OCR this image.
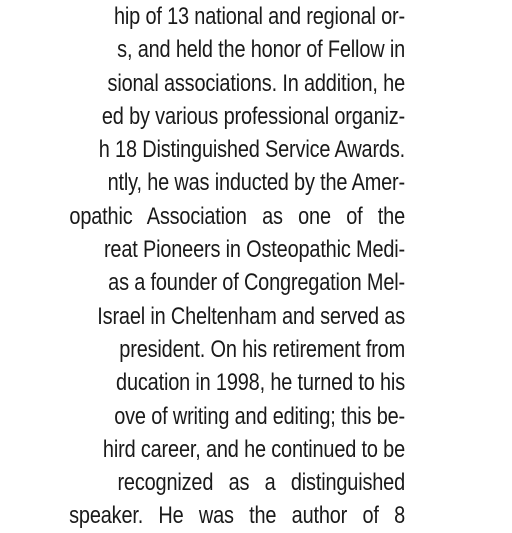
hip of 13 national and regional or-
s, and held the honor of Fellow in
sional associations. In addition, he
ed by various professional organiz-
h 18 Distinguished Service Awards.
ntly, he was inducted by the Amer-
opathic Association as one of the
reat Pioneers in Osteopathic Medi-
as a founder of Congregation Mel-
Israel in Cheltenham and served as
president. On his retirement from
ducation in 1998, he turned to his
ove of writing and editing; this be-
hird career, and he continued to be
recognized as a distinguished
speaker. He was the author of 8
